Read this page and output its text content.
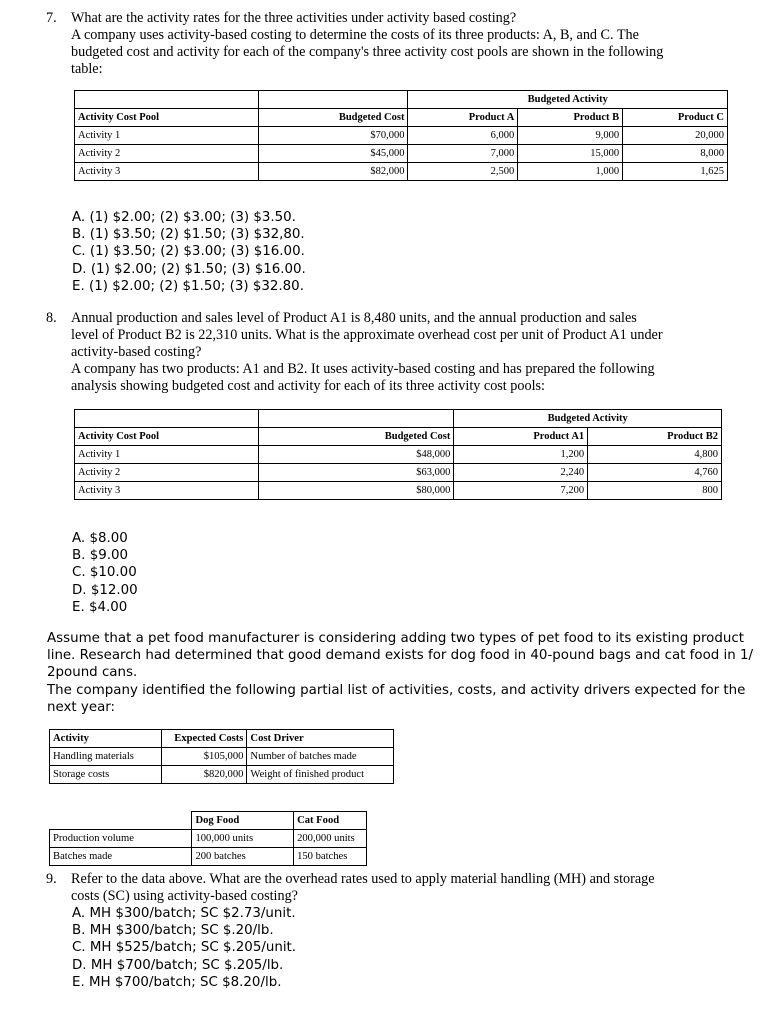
7. What are the activity rates for the three activities under activity based costing?
A company uses activity-based costing to determine the costs of its three products: A, B, and C. The
budgeted cost and activity for each of the company's three activity cost pools are shown in the following
table:
		Budgeted Activity		
Activity Cost Pool	Budgeted Cost	Product A	Product B	Product C
Activity 1	$70,000	6,000	9,000	20,000
Activity 2	$45,000	7,000	15,000	8,000
Activity 3	$82,000	2,500	1,000	1,625
A. (1) $2.00; (2) $3.00; (3) $3.50.
B. (1) $3.50; (2) $1.50; (3) $32,80.
C. (1) $3.50; (2) $3.00; (3) $16.00.
D. (1) $2.00; (2) $1.50; (3) $16.00.
E. (1) $2.00; (2) $1.50; (3) $32.80.
8. Annual production and sales level of Product A1 is 8,480 units, and the annual production and sales
level of Product B2 is 22,310 units. What is the approximate overhead cost per unit of Product A1 under
activity-based costing?
A company has two products: A1 and B2. It uses activity-based costing and has prepared the following
analysis showing budgeted cost and activity for each of its three activity cost pools:
		Budgeted Activity	
Activity Cost Pool	Budgeted Cost	Product A1	Product B2
Activity 1	$48,000	1,200	4,800
Activity 2	$63,000	2,240	4,760
Activity 3	$80,000	7,200	800
A. $8.00
B. $9.00
C. $10.00
D. $12.00
E. $4.00
Assume that a pet food manufacturer is considering adding two types of pet food to its existing product
line. Research had determined that good demand exists for dog food in 40-pound bags and cat food in 1/
2pound cans.
The company identified the following partial list of activities, costs, and activity drivers expected for the
next year:
Activity	Expected Costs	Cost Driver
Handling materials	$105,000	Number of batches made
Storage costs	$820,000	Weight of finished product
	Dog Food	Cat Food
Production volume	100,000 units	200,000 units
Batches made	200 batches	150 batches
9. Refer to the data above. What are the overhead rates used to apply material handling (MH) and storage
costs (SC) using activity-based costing?
A. MH $300/batch; SC $2.73/unit.
B. MH $300/batch; SC $.20/lb.
C. MH $525/batch; SC $.205/unit.
D. MH $700/batch; SC $.205/lb.
E. MH $700/batch; SC $8.20/lb.
